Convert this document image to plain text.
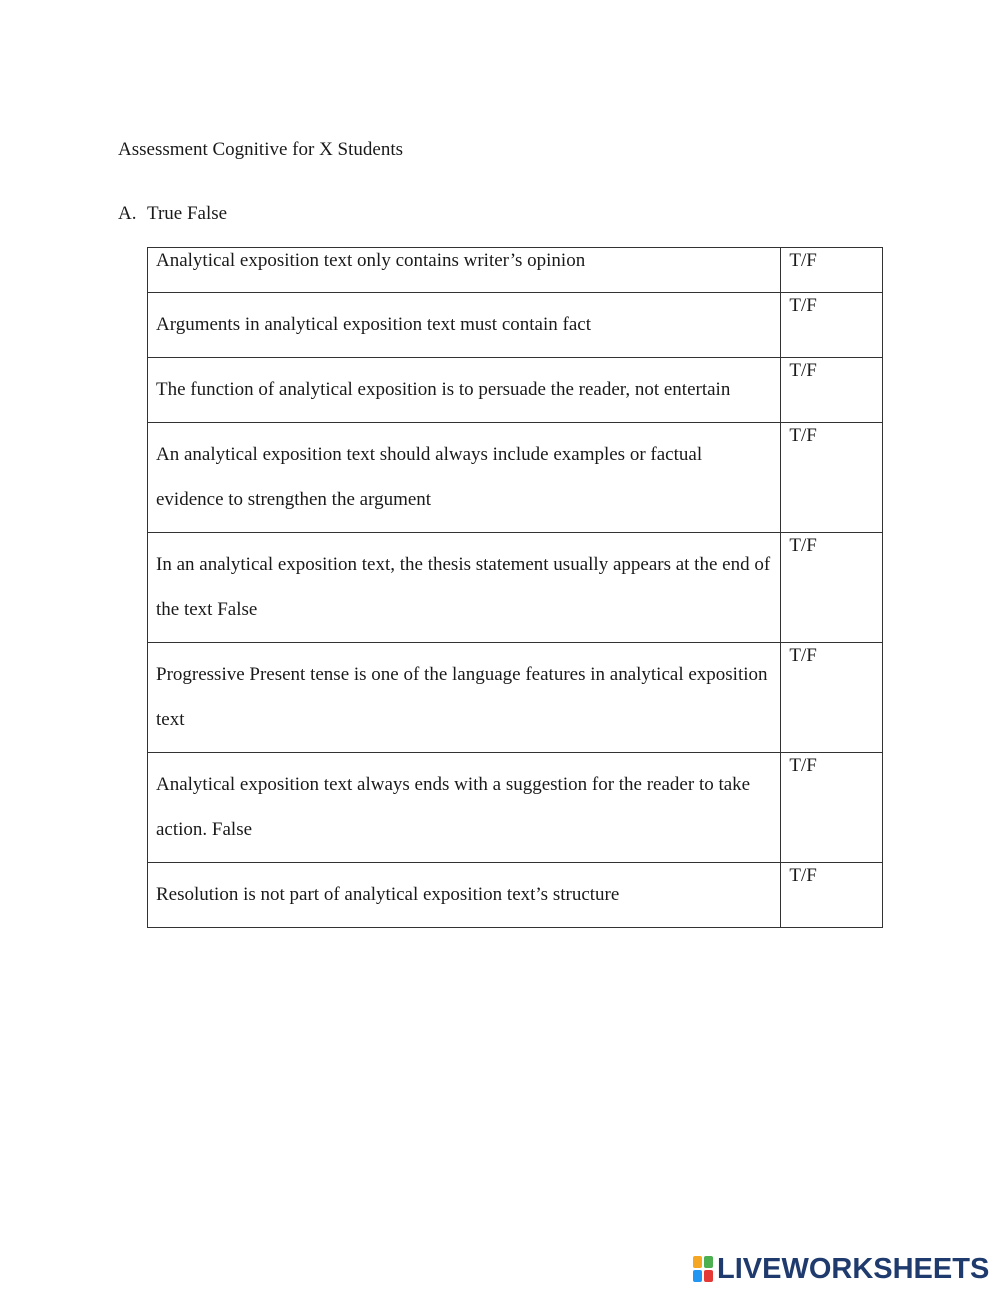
Assessment Cognitive for X Students
A. True False
Analytical exposition text only contains writer’s opinion	T/F

Arguments in analytical exposition text must contain fact	T/F

The function of analytical exposition is to persuade the reader, not entertain	T/F

An analytical exposition text should always include examples or factual evidence to strengthen the argument	T/F

In an analytical exposition text, the thesis statement usually appears at the end of the text False	T/F

Progressive Present tense is one of the language features in analytical exposition text	T/F

Analytical exposition text always ends with a suggestion for the reader to take action. False	T/F

Resolution is not part of analytical exposition text’s structure	T/F
LIVEWORKSHEETS
